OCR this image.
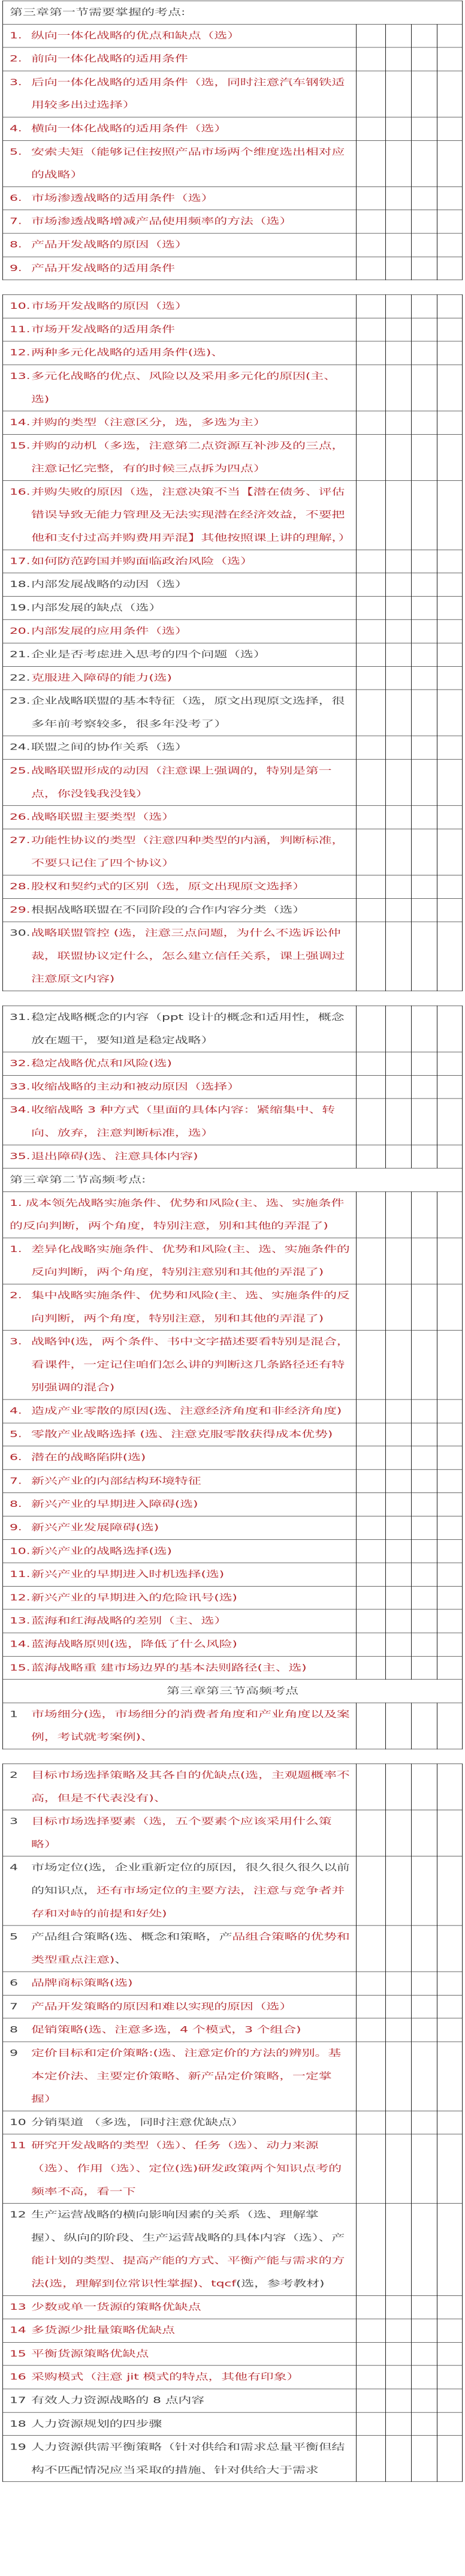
第三章第一节需要掌握的考点:				

1. 纵向一体化战略的优点和缺点（选）				

2. 前向一体化战略的适用条件				

3. 后向一体化战略的适用条件（选，同时注意汽车钢铁适用较多出过选择）				

4. 横向一体化战略的适用条件（选）				

5. 安索夫矩（能够记住按照产品市场两个维度选出相对应的战略）				

6. 市场渗透战略的适用条件（选）				

7. 市场渗透战略增减产品使用频率的方法（选）				

8. 产品开发战略的原因（选）				

9. 产品开发战略的适用条件				
10. 市场开发战略的原因（选）				

11. 市场开发战略的适用条件				

12. 两种多元化战略的适用条件(选)、				

13. 多元化战略的优点、风险以及采用多元化的原因(主、选)				

14. 并购的类型（注意区分，选，多选为主）				

15. 并购的动机（多选，注意第二点资源互补涉及的三点，注意记忆完整，有的时候三点拆为四点）				

16. 并购失败的原因（选，注意决策不当【潜在债务、评估错误导致无能力管理及无法实现潜在经济效益，不要把他和支付过高并购费用弄混】其他按照课上讲的理解，）				

17. 如何防范跨国并购面临政治风险（选）				

18. 内部发展战略的动因（选）				

19. 内部发展的缺点（选）				

20. 内部发展的应用条件（选）				

21. 企业是否考虑进入思考的四个问题（选）				

22. 克服进入障碍的能力(选)				

23. 企业战略联盟的基本特征（选，原文出现原文选择，很多年前考察较多，很多年没考了）				

24. 联盟之间的协作关系（选）				

25. 战略联盟形成的动因（注意课上强调的，特别是第一点，你没钱我没钱）				

26. 战略联盟主要类型（选）				

27. 功能性协议的类型（注意四种类型的内涵，判断标准，不要只记住了四个协议）				

28. 股权和契约式的区别（选，原文出现原文选择）				

29. 根据战略联盟在不同阶段的合作内容分类（选）				

30. 战略联盟管控 (选，注意三点问题，为什么不选诉讼仲裁，联盟协议定什么，怎么建立信任关系，课上强调过注意原文内容)				
31. 稳定战略概念的内容（ppt 设计的概念和适用性，概念放在题干，要知道是稳定战略）				

32. 稳定战略优点和风险(选)				

33. 收缩战略的主动和被动原因（选择）				

34. 收缩战略 3 种方式（里面的具体内容：紧缩集中、转向、放弃，注意判断标准，选）				

35. 退出障碍(选、注意具体内容)				
第三章第二节高频考点:				
1. 成本领先战略实施条件、优势和风险(主、选、实施条件的反向判断，两个角度，特别注意，别和其他的弄混了)				

1. 差异化战略实施条件、优势和风险(主、选、实施条件的反向判断，两个角度，特别注意别和其他的弄混了)				

2. 集中战略实施条件、优势和风险(主、选、实施条件的反向判断，两个角度，特别注意，别和其他的弄混了)				

3. 战略钟(选，两个条件、书中文字描述要看特别是混合，看课件，一定记住咱们怎么讲的判断这几条路径还有特别强调的混合)				

4. 造成产业零散的原因(选、注意经济角度和非经济角度)				

5. 零散产业战略选择 (选、注意克服零散获得成本优势)				

6. 潜在的战略陷阱(选)				

7. 新兴产业的内部结构环境特征				

8. 新兴产业的早期进入障碍(选)				

9. 新兴产业发展障碍(选)				

10. 新兴产业的战略选择(选)				

11. 新兴产业的早期进入时机选择(选)				

12. 新兴产业的早期进入的危险讯号(选)				

13. 蓝海和红海战略的差别（主、选）				

14. 蓝海战略原则(选，降低了什么风险)				

15. 蓝海战略重 建市场边界的基本法则路径(主、选)				
第三章第三节高频考点				

1 市场细分(选，市场细分的消费者角度和产业角度以及案例，考试就考案例)、				
2 目标市场选择策略及其各自的优缺点(选，主观题概率不高，但是不代表没有)、				

3 目标市场选择要素（选，五个要素个应该采用什么策略）				

4 市场定位(选，企业重新定位的原因，很久很久很久以前的知识点，还有市场定位的主要方法，注意与竞争者并存和对峙的前提和好处)				

5 产品组合策略(选、概念和策略，产品组合策略的优势和类型重点注意)、				

6 品牌商标策略(选)				

7 产品开发策略的原因和难以实现的原因（选）				

8 促销策略(选、注意多选，4 个模式，3 个组合)				

9 定价目标和定价策略:(选、注意定价的方法的辨别。基本定价法、主要定价策略、新产品定价策略，一定掌握）				

10 分销渠道 （多选，同时注意优缺点）				

11 研究开发战略的类型（选）、任务（选）、动力来源（选）、作用（选）、定位(选)研发政策两个知识点考的频率不高，看一下				

12 生产运营战略的横向影响因素的关系（选、理解掌握）、纵向的阶段、生产运营战略的具体内容（选）、产能计划的类型、提高产能的方式、平衡产能与需求的方法(选，理解到位常识性掌握)、tqcf(选，参考教材)				

13 少数或单一货源的策略优缺点				

14 多货源少批量策略优缺点				

15 平衡货源策略优缺点				

16 采购模式（注意 jit 模式的特点，其他有印象）				

17 有效人力资源战略的 8 点内容				

18 人力资源规划的四步骤				

19 人力资源供需平衡策略（针对供给和需求总量平衡但结构不匹配情况应当采取的措施、针对供给大于需求				
